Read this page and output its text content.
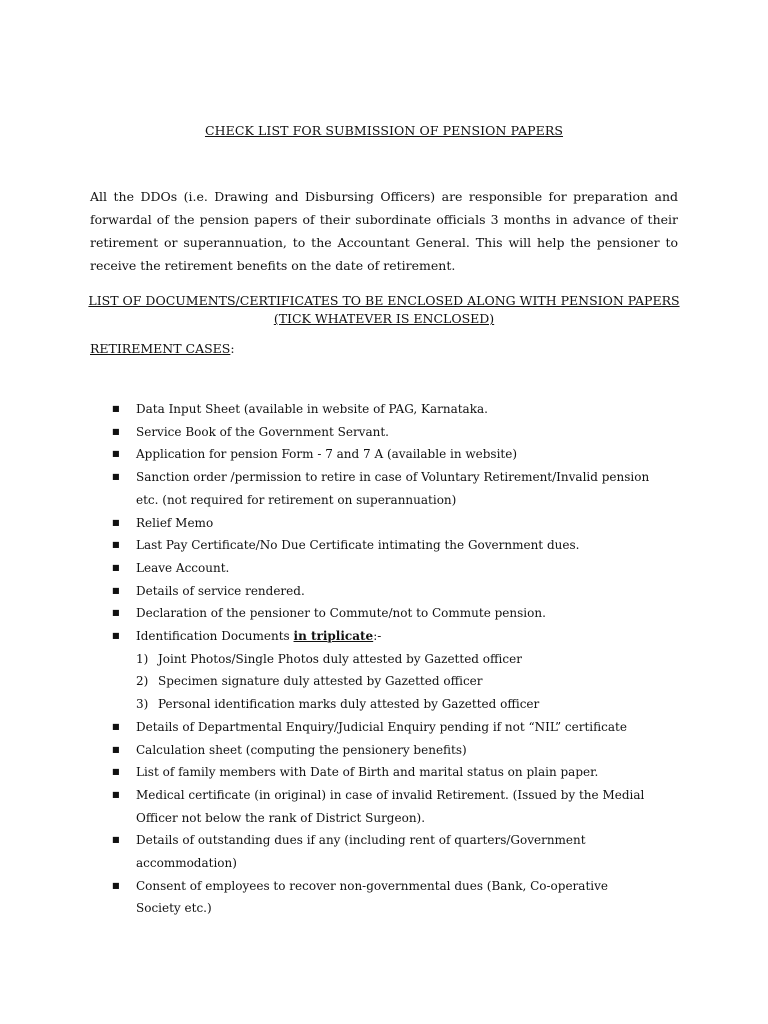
CHECK LIST FOR SUBMISSION OF PENSION PAPERS
All the DDOs (i.e. Drawing and Disbursing Officers) are responsible for preparation and forwardal of the pension papers of their subordinate officials 3 months in advance of their retirement or superannuation, to the Accountant General. This will help the pensioner to receive the retirement benefits on the date of retirement.
LIST OF DOCUMENTS/CERTIFICATES TO BE ENCLOSED ALONG WITH PENSION PAPERS
(TICK WHATEVER IS ENCLOSED)
RETIREMENT CASES:
■ Data Input Sheet (available in website of PAG, Karnataka.
■ Service Book of the Government Servant.
■ Application for pension Form - 7 and 7 A (available in website)
■ Sanction order /permission to retire in case of Voluntary Retirement/Invalid pension etc. (not required for retirement on superannuation)
■ Relief Memo
■ Last Pay Certificate/No Due Certificate intimating the Government dues.
■ Leave Account.
■ Details of service rendered.
■ Declaration of the pensioner to Commute/not to Commute pension.
■ Identification Documents in triplicate:-
1) Joint Photos/Single Photos duly attested by Gazetted officer
2) Specimen signature duly attested by Gazetted officer
3) Personal identification marks duly attested by Gazetted officer
■ Details of Departmental Enquiry/Judicial Enquiry pending if not “NIL” certificate
■ Calculation sheet (computing the pensionery benefits)
■ List of family members with Date of Birth and marital status on plain paper.
■ Medical certificate (in original) in case of invalid Retirement. (Issued by the Medial Officer not below the rank of District Surgeon).
■ Details of outstanding dues if any (including rent of quarters/Government accommodation)
■ Consent of employees to recover non-governmental dues (Bank, Co-operative Society etc.)
